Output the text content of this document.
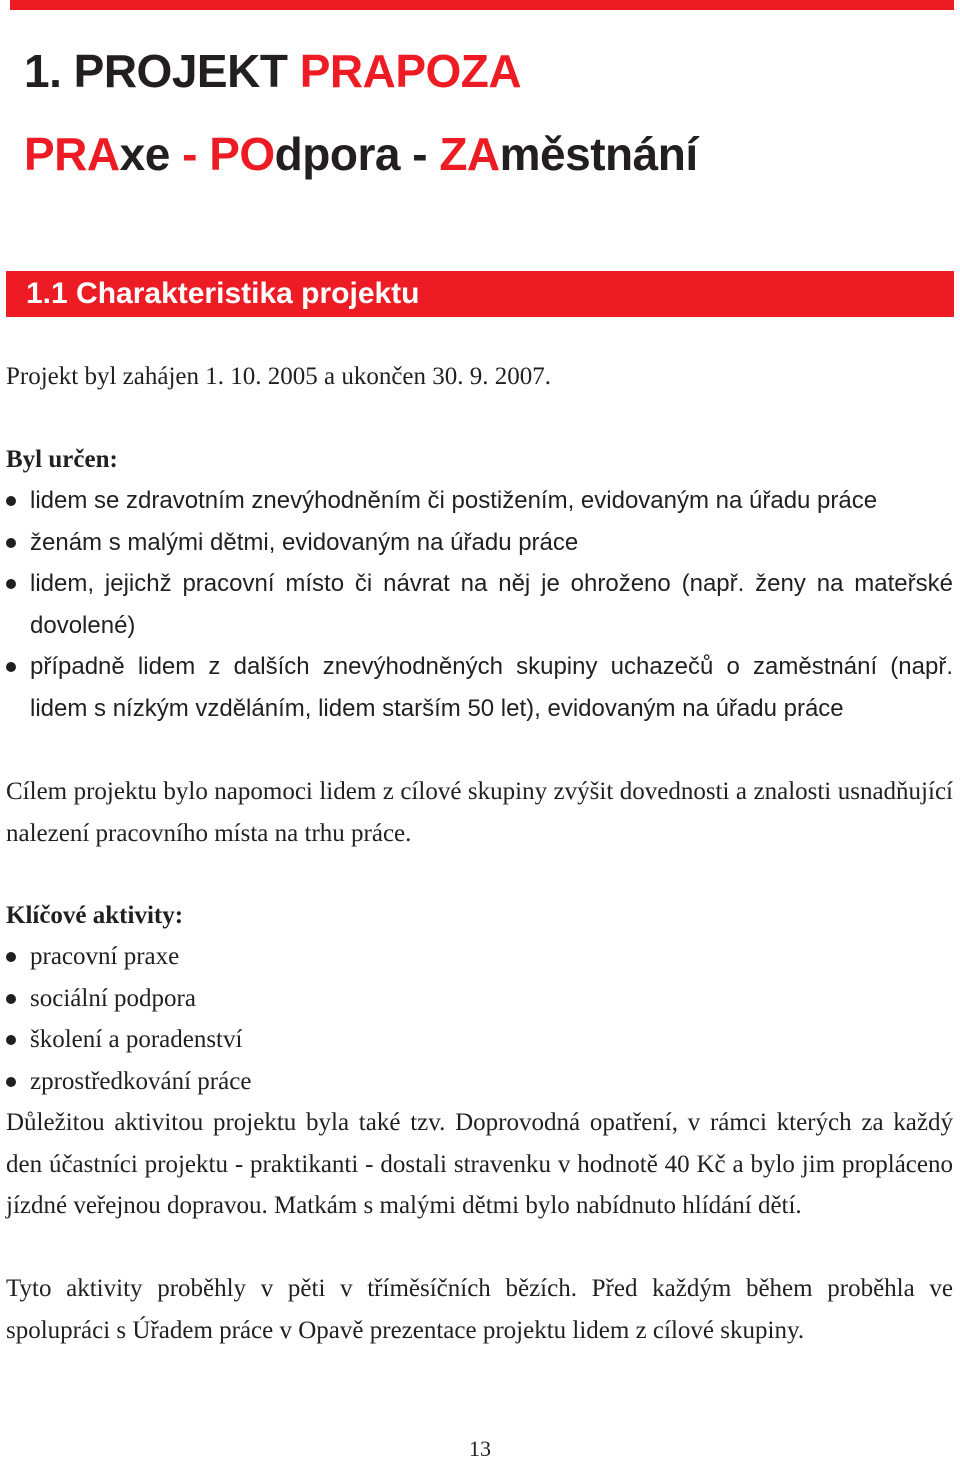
1. PROJEKT PRAPOZA
PRAxe - POdpora - ZAměstnání
1.1 Charakteristika projektu

Projekt byl zahájen 1. 10. 2005 a ukončen 30. 9. 2007.

Byl určen:

lidem se zdravotním znevýhodněním či postižením, evidovaným na úřadu práce
ženám s malými dětmi, evidovaným na úřadu práce
lidem, jejichž pracovní místo či návrat na něj je ohroženo (např. ženy na mateřské dovolené)
případně lidem z dalších znevýhodněných skupiny uchazečů o zaměstnání (např. lidem s nízkým vzděláním, lidem starším 50 let), evidovaným na úřadu práce

Cílem projektu bylo napomoci lidem z cílové skupiny zvýšit dovednosti a znalosti usnadňující nalezení pracovního místa na trhu práce.

Klíčové aktivity:

pracovní praxe
sociální podpora
školení a poradenství
zprostředkování práce

Důležitou aktivitou projektu byla také tzv. Doprovodná opatření, v rámci kterých za každý den účastníci projektu - praktikanti - dostali stravenku v hodnotě 40 Kč a bylo jim propláceno jízdné veřejnou dopravou. Matkám s malými dětmi bylo nabídnuto hlídání dětí.

Tyto aktivity proběhly v pěti v tříměsíčních bězích. Před každým během proběhla ve spolupráci s Úřadem práce v Opavě prezentace projektu lidem z cílové skupiny.

13
